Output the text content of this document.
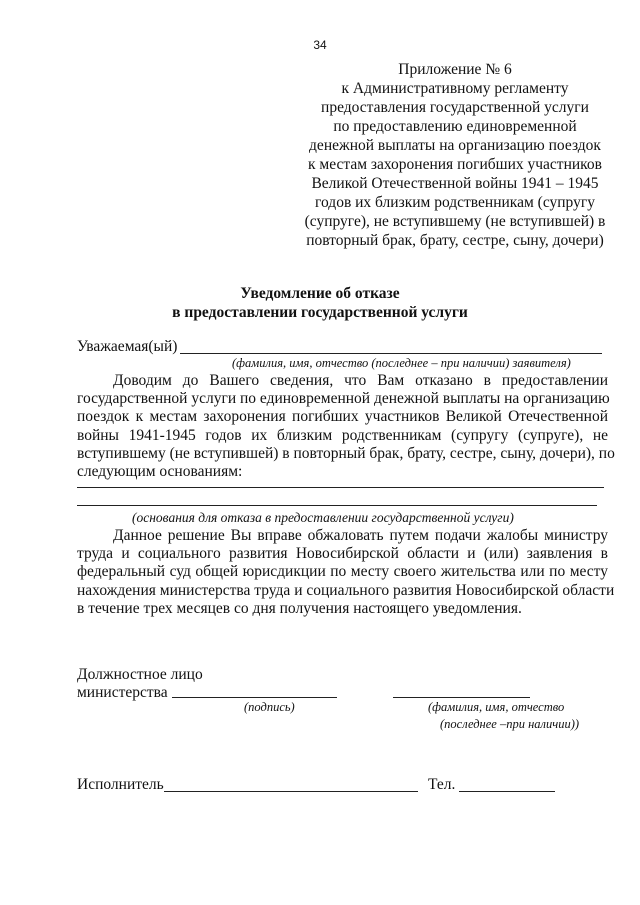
34
Приложение № 6
к Административному регламенту
предоставления государственной услуги
по предоставлению единовременной
денежной выплаты на организацию поездок
к местам захоронения погибших участников
Великой Отечественной войны 1941 – 1945
годов их близким родственникам (супругу
(супруге), не вступившему (не вступившей) в
повторный брак, брату, сестре, сыну, дочери)
Уведомление об отказе
в предоставлении государственной услуги
Уважаемая(ый)
(фамилия, имя, отчество (последнее – при наличии) заявителя)
Доводим до Вашего сведения, что Вам отказано в предоставлении
государственной услуги по единовременной денежной выплаты на организацию
поездок к местам захоронения погибших участников Великой Отечественной
войны 1941-1945 годов их близким родственникам (супругу (супруге), не
вступившему (не вступившей) в повторный брак, брату, сестре, сыну, дочери), по
следующим основаниям:
(основания для отказа в предоставлении государственной услуги)
Данное решение Вы вправе обжаловать путем подачи жалобы министру
труда и социального развития Новосибирской области и (или) заявления в
федеральный суд общей юрисдикции по месту своего жительства или по месту
нахождения министерства труда и социального развития Новосибирской области
в течение трех месяцев со дня получения настоящего уведомления.
Должностное лицо
министерства
(подпись)	(фамилия, имя, отчество
(последнее –при наличии))
Исполнитель	Тел.
